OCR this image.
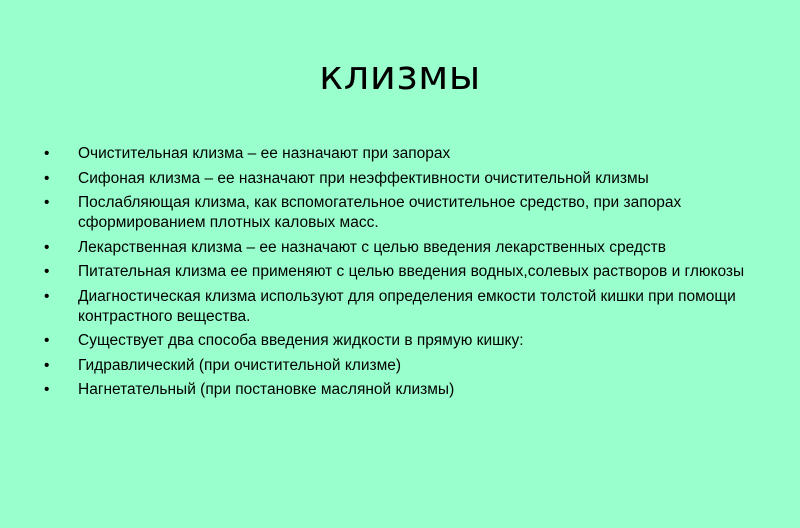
клизмы
•	Очистительная клизма – ее назначают при запорах
•	Сифоная клизма – ее назначают при неэффективности очистительной клизмы
•	Послабляющая клизма, как вспомогательное очистительное средство, при запорах сформированием плотных каловых масс.
•	Лекарственная клизма – ее назначают с целью введения лекарственных средств
•	Питательная клизма ее применяют с целью введения водных,солевых растворов и глюкозы
•	Диагностическая клизма используют для определения емкости толстой кишки при помощи контрастного вещества.
•	Существует два способа введения жидкости в прямую кишку:
•	Гидравлический (при очистительной клизме)
•	Нагнетательный (при постановке масляной клизмы)
